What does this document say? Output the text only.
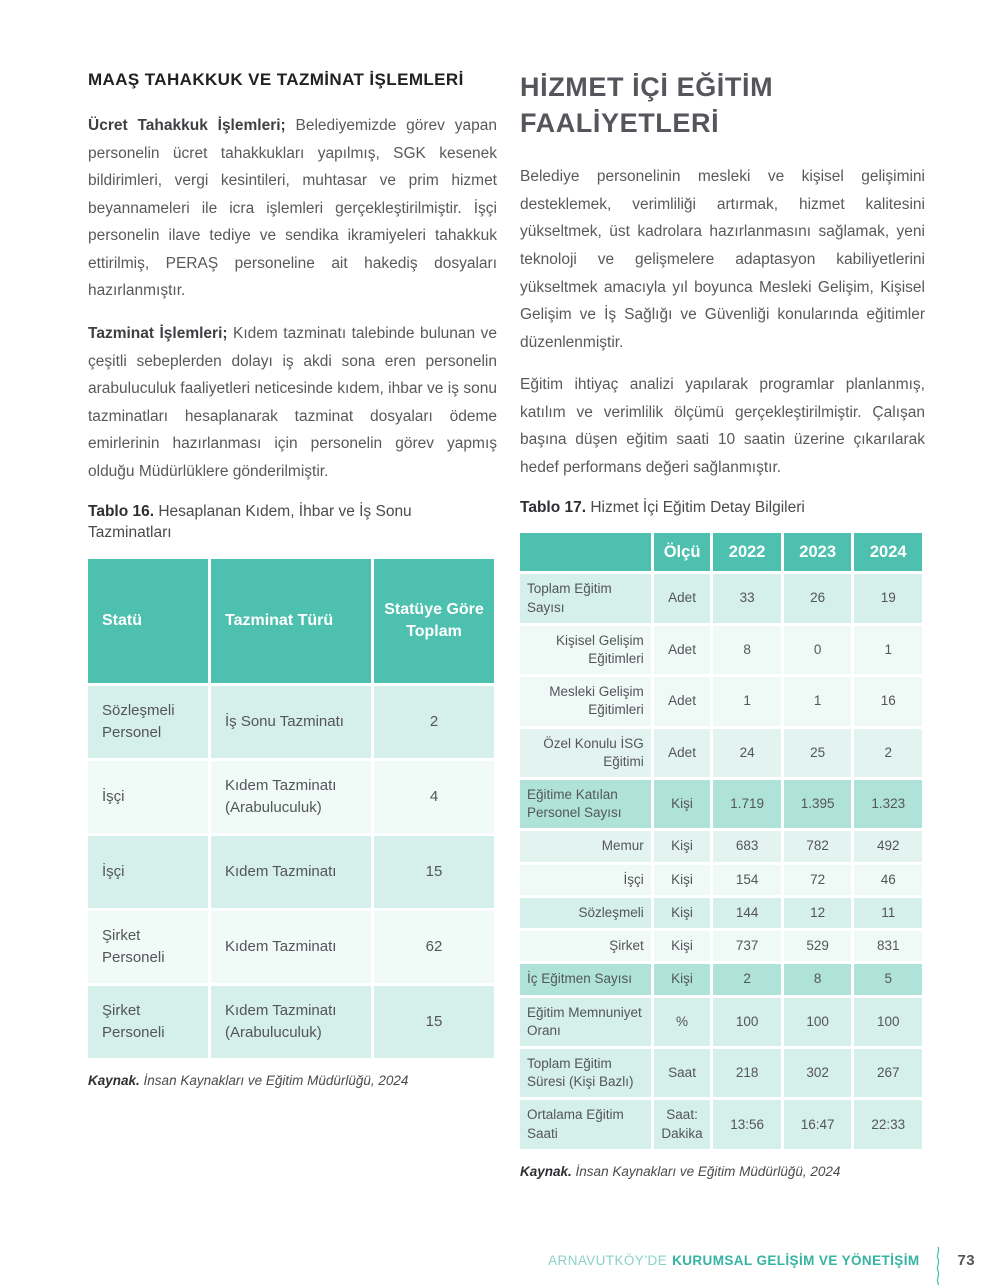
MAAŞ TAHAKKUK VE TAZMİNAT İŞLEMLERİ

Ücret Tahakkuk İşlemleri; Belediyemizde görev yapan personelin ücret tahakkukları yapılmış, SGK kesenek bildirimleri, vergi kesintileri, muhtasar ve prim hizmet beyannameleri ile icra işlemleri gerçekleştirilmiştir. İşçi personelin ilave tediye ve sendika ikramiyeleri tahakkuk ettirilmiş, PERAŞ personeline ait hakediş dosyaları hazırlanmıştır.

Tazminat İşlemleri; Kıdem tazminatı talebinde bulunan ve çeşitli sebeplerden dolayı iş akdi sona eren personelin arabuluculuk faaliyetleri neticesinde kıdem, ihbar ve iş sonu tazminatları hesaplanarak tazminat dosyaları ödeme emirlerinin hazırlanması için personelin görev yapmış olduğu Müdürlüklere gönderilmiştir.

Tablo 16. Hesaplanan Kıdem, İhbar ve İş Sonu Tazminatları

Statü	Tazminat Türü	Statüye Göre Toplam
Sözleşmeli Personel	İş Sonu Tazminatı	2
İşçi	Kıdem Tazminatı (Arabuluculuk)	4
İşçi	Kıdem Tazminatı	15
Şirket Personeli	Kıdem Tazminatı	62
Şirket Personeli	Kıdem Tazminatı (Arabuluculuk)	15

Kaynak. İnsan Kaynakları ve Eğitim Müdürlüğü, 2024

HİZMET İÇİ EĞİTİM FAALİYETLERİ

Belediye personelinin mesleki ve kişisel gelişimini desteklemek, verimliliği artırmak, hizmet kalitesini yükseltmek, üst kadrolara hazırlanmasını sağlamak, yeni teknoloji ve gelişmelere adaptasyon kabiliyetlerini yükseltmek amacıyla yıl boyunca Mesleki Gelişim, Kişisel Gelişim ve İş Sağlığı ve Güvenliği konularında eğitimler düzenlenmiştir.

Eğitim ihtiyaç analizi yapılarak programlar planlanmış, katılım ve verimlilik ölçümü gerçekleştirilmiştir. Çalışan başına düşen eğitim saati 10 saatin üzerine çıkarılarak hedef performans değeri sağlanmıştır.

Tablo 17. Hizmet İçi Eğitim Detay Bilgileri

	Ölçü	2022	2023	2024
Toplam Eğitim Sayısı	Adet	33	26	19
Kişisel Gelişim Eğitimleri	Adet	8	0	1
Mesleki Gelişim Eğitimleri	Adet	1	1	16
Özel Konulu İSG Eğitimi	Adet	24	25	2
Eğitime Katılan Personel Sayısı	Kişi	1.719	1.395	1.323
Memur	Kişi	683	782	492
İşçi	Kişi	154	72	46
Sözleşmeli	Kişi	144	12	11
Şirket	Kişi	737	529	831
İç Eğitmen Sayısı	Kişi	2	8	5
Eğitim Memnuniyet Oranı	%	100	100	100
Toplam Eğitim Süresi (Kişi Bazlı)	Saat	218	302	267
Ortalama Eğitim Saati	Saat: Dakika	13:56	16:47	22:33

Kaynak. İnsan Kaynakları ve Eğitim Müdürlüğü, 2024

ARNAVUTKÖY’DE KURUMSAL GELİŞİM VE YÖNETİŞİM	73
